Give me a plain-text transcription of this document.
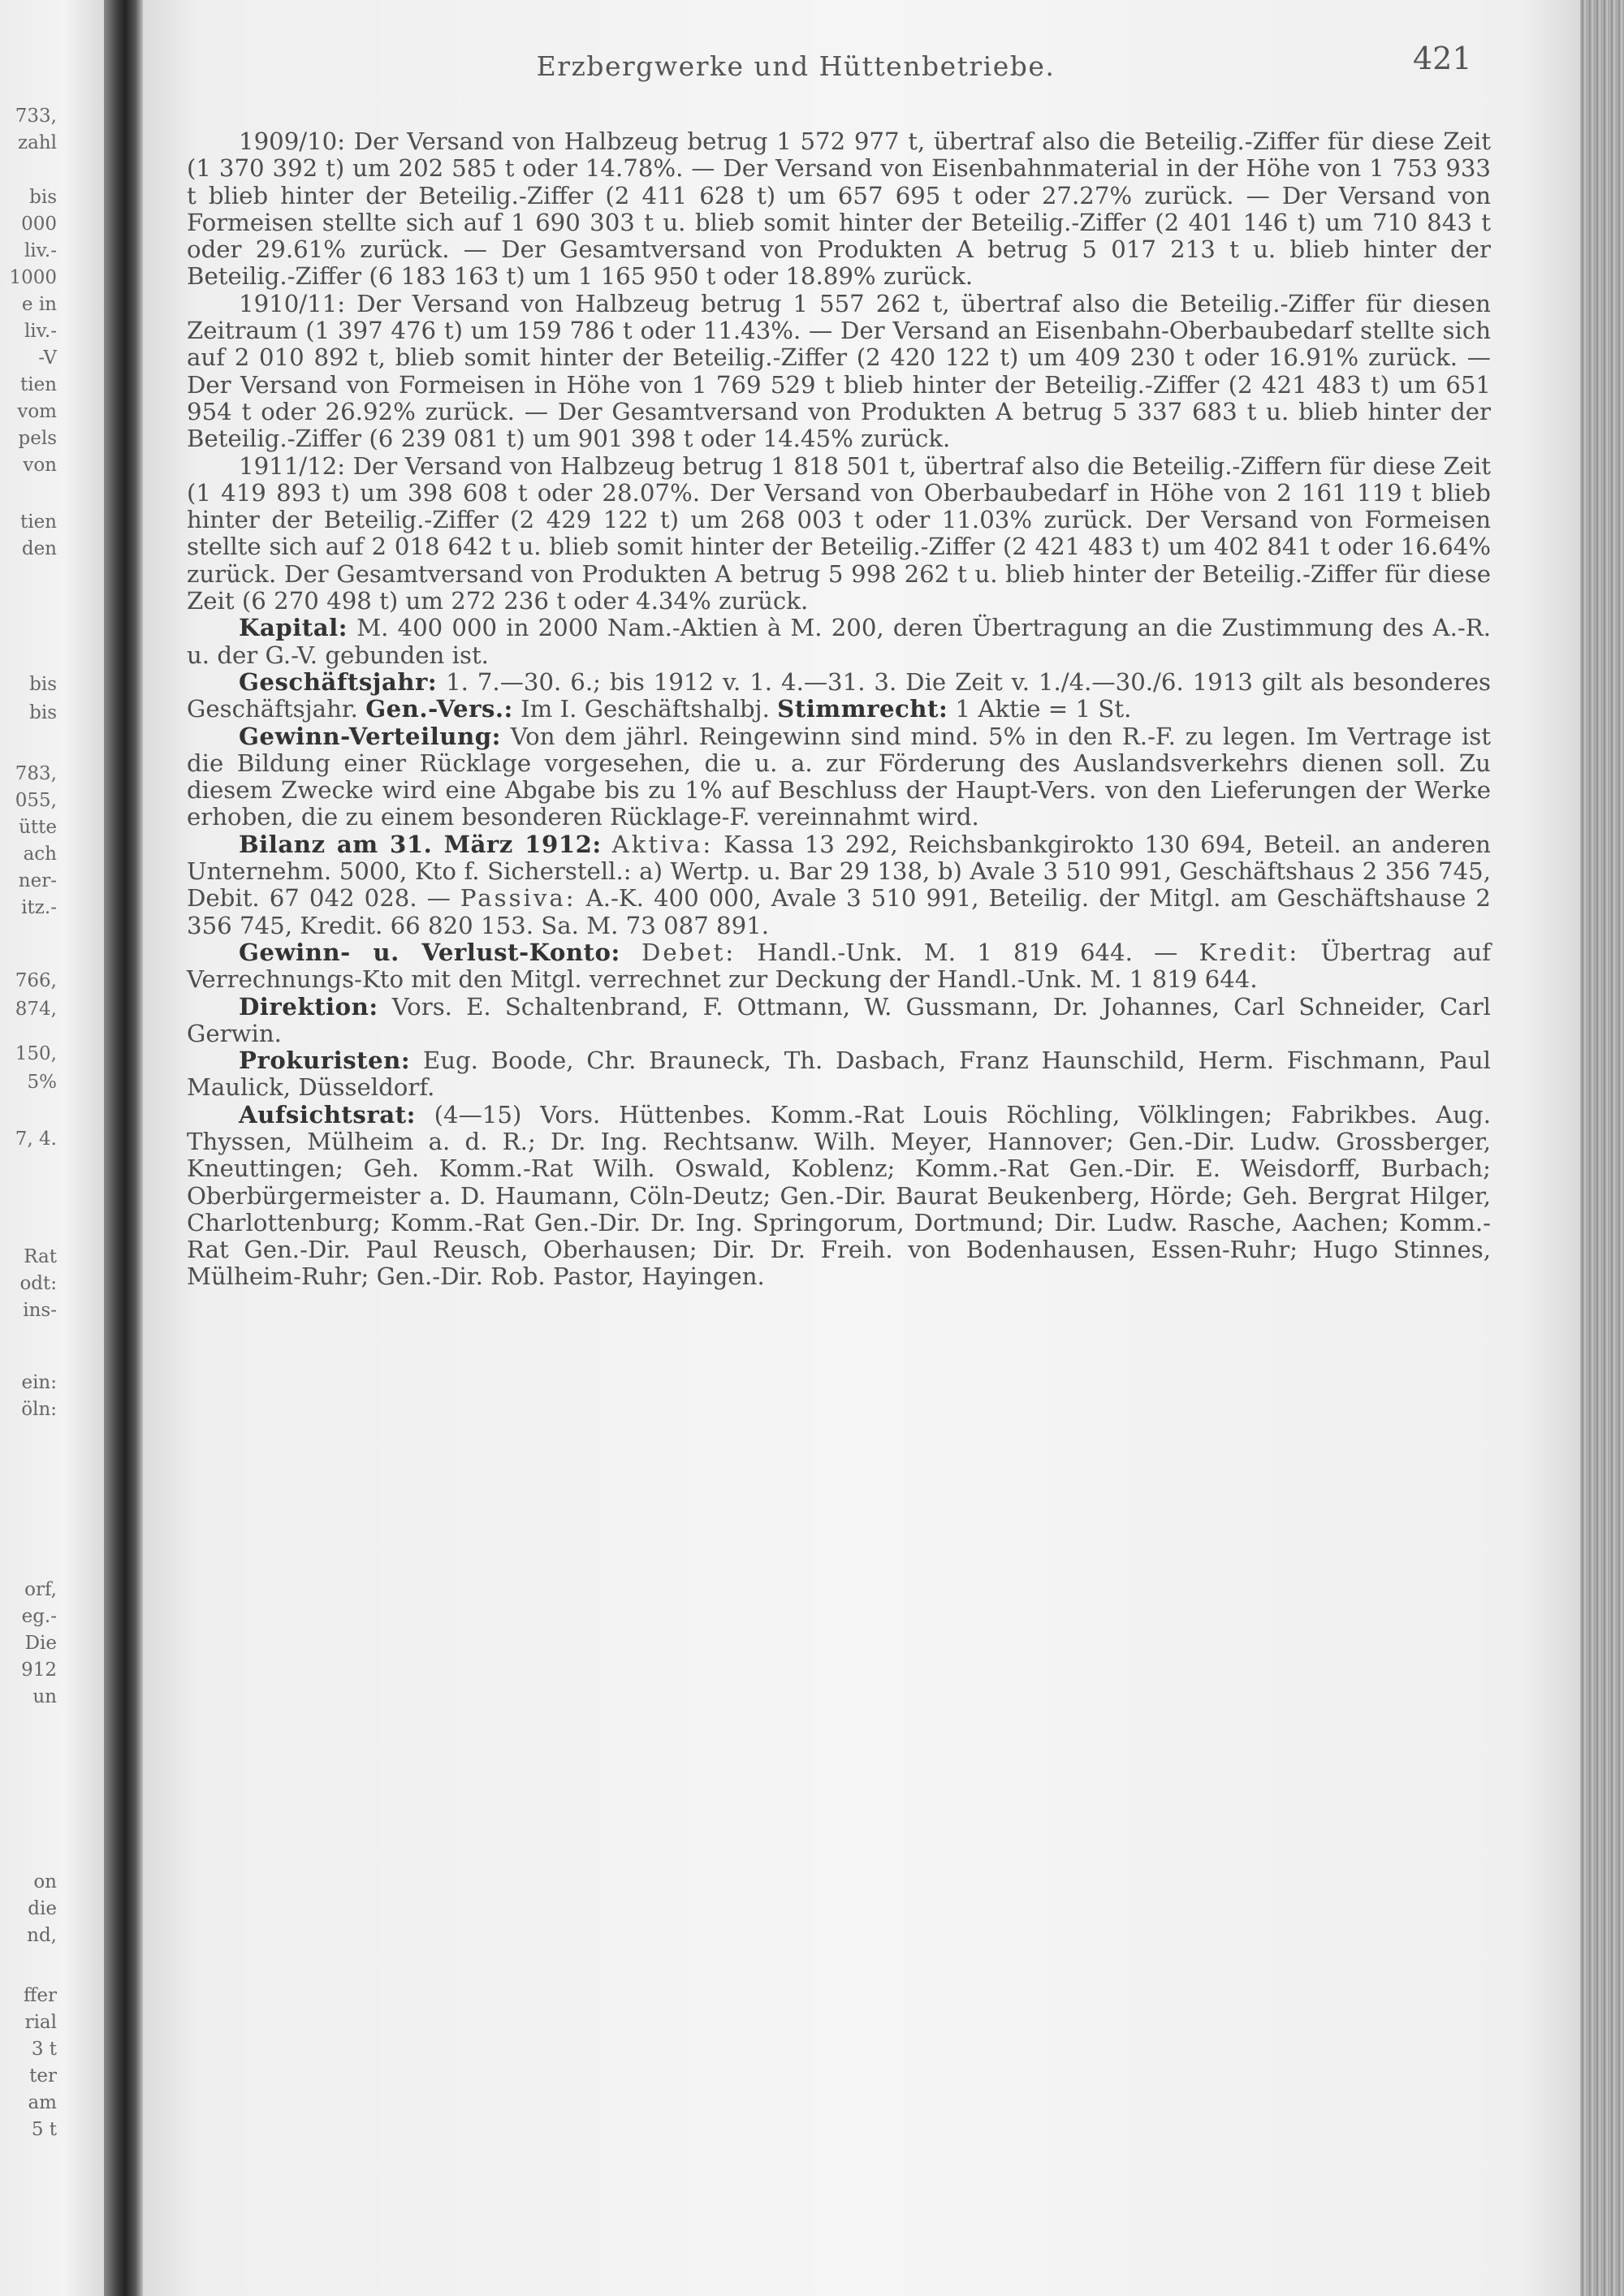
733,
zahl
bis
000
liv.-
1000
e in
liv.-
-V
tien
vom
pels
von
tien
den
bis
bis
783,
055,
ütte
ach
ner-
itz.-
766,
874,
150,
5%
7, 4.
Rat
odt:
ins-
ein:
öln:
orf,
eg.-
Die
912
un
on
die
nd,
ffer
rial
3 t
ter
am
5 t
Erzbergwerke und Hüttenbetriebe.	421

1909/10: Der Versand von Halbzeug betrug 1 572 977 t, übertraf also die Beteilig.-Ziffer für diese Zeit (1 370 392 t) um 202 585 t oder 14.78%. — Der Versand von Eisenbahnmaterial in der Höhe von 1 753 933 t blieb hinter der Beteilig.-Ziffer (2 411 628 t) um 657 695 t oder 27.27% zurück. — Der Versand von Formeisen stellte sich auf 1 690 303 t u. blieb somit hinter der Beteilig.-Ziffer (2 401 146 t) um 710 843 t oder 29.61% zurück. — Der Gesamtversand von Produkten A betrug 5 017 213 t u. blieb hinter der Beteilig.-Ziffer (6 183 163 t) um 1 165 950 t oder 18.89% zurück.

1910/11: Der Versand von Halbzeug betrug 1 557 262 t, übertraf also die Beteilig.-Ziffer für diesen Zeitraum (1 397 476 t) um 159 786 t oder 11.43%. — Der Versand an Eisenbahn-Oberbaubedarf stellte sich auf 2 010 892 t, blieb somit hinter der Beteilig.-Ziffer (2 420 122 t) um 409 230 t oder 16.91% zurück. — Der Versand von Formeisen in Höhe von 1 769 529 t blieb hinter der Beteilig.-Ziffer (2 421 483 t) um 651 954 t oder 26.92% zurück. — Der Gesamtversand von Produkten A betrug 5 337 683 t u. blieb hinter der Beteilig.-Ziffer (6 239 081 t) um 901 398 t oder 14.45% zurück.

1911/12: Der Versand von Halbzeug betrug 1 818 501 t, übertraf also die Beteilig.-Ziffern für diese Zeit (1 419 893 t) um 398 608 t oder 28.07%. Der Versand von Oberbaubedarf in Höhe von 2 161 119 t blieb hinter der Beteilig.-Ziffer (2 429 122 t) um 268 003 t oder 11.03% zurück. Der Versand von Formeisen stellte sich auf 2 018 642 t u. blieb somit hinter der Beteilig.-Ziffer (2 421 483 t) um 402 841 t oder 16.64% zurück. Der Gesamtversand von Produkten A betrug 5 998 262 t u. blieb hinter der Beteilig.-Ziffer für diese Zeit (6 270 498 t) um 272 236 t oder 4.34% zurück.

Kapital: M. 400 000 in 2000 Nam.-Aktien à M. 200, deren Übertragung an die Zustimmung des A.-R. u. der G.-V. gebunden ist.

Geschäftsjahr: 1. 7.—30. 6.; bis 1912 v. 1. 4.—31. 3. Die Zeit v. 1./4.—30./6. 1913 gilt als besonderes Geschäftsjahr. Gen.-Vers.: Im I. Geschäftshalbj. Stimmrecht: 1 Aktie = 1 St.

Gewinn-Verteilung: Von dem jährl. Reingewinn sind mind. 5% in den R.-F. zu legen. Im Vertrage ist die Bildung einer Rücklage vorgesehen, die u. a. zur Förderung des Auslandsverkehrs dienen soll. Zu diesem Zwecke wird eine Abgabe bis zu 1% auf Beschluss der Haupt-Vers. von den Lieferungen der Werke erhoben, die zu einem besonderen Rücklage-F. vereinnahmt wird.

Bilanz am 31. März 1912: Aktiva: Kassa 13 292, Reichsbankgirokto 130 694, Beteil. an anderen Unternehm. 5000, Kto f. Sicherstell.: a) Wertp. u. Bar 29 138, b) Avale 3 510 991, Geschäftshaus 2 356 745, Debit. 67 042 028. — Passiva: A.-K. 400 000, Avale 3 510 991, Beteilig. der Mitgl. am Geschäftshause 2 356 745, Kredit. 66 820 153. Sa. M. 73 087 891.

Gewinn- u. Verlust-Konto: Debet: Handl.-Unk. M. 1 819 644. — Kredit: Übertrag auf Verrechnungs-Kto mit den Mitgl. verrechnet zur Deckung der Handl.-Unk. M. 1 819 644.

Direktion: Vors. E. Schaltenbrand, F. Ottmann, W. Gussmann, Dr. Johannes, Carl Schneider, Carl Gerwin.

Prokuristen: Eug. Boode, Chr. Brauneck, Th. Dasbach, Franz Haunschild, Herm. Fischmann, Paul Maulick, Düsseldorf.

Aufsichtsrat: (4—15) Vors. Hüttenbes. Komm.-Rat Louis Röchling, Völklingen; Fabrikbes. Aug. Thyssen, Mülheim a. d. R.; Dr. Ing. Rechtsanw. Wilh. Meyer, Hannover; Gen.-Dir. Ludw. Grossberger, Kneuttingen; Geh. Komm.-Rat Wilh. Oswald, Koblenz; Komm.-Rat Gen.-Dir. E. Weisdorff, Burbach; Oberbürgermeister a. D. Haumann, Cöln-Deutz; Gen.-Dir. Baurat Beukenberg, Hörde; Geh. Bergrat Hilger, Charlottenburg; Komm.-Rat Gen.-Dir. Dr. Ing. Springorum, Dortmund; Dir. Ludw. Rasche, Aachen; Komm.-Rat Gen.-Dir. Paul Reusch, Oberhausen; Dir. Dr. Freih. von Bodenhausen, Essen-Ruhr; Hugo Stinnes, Mülheim-Ruhr; Gen.-Dir. Rob. Pastor, Hayingen.
